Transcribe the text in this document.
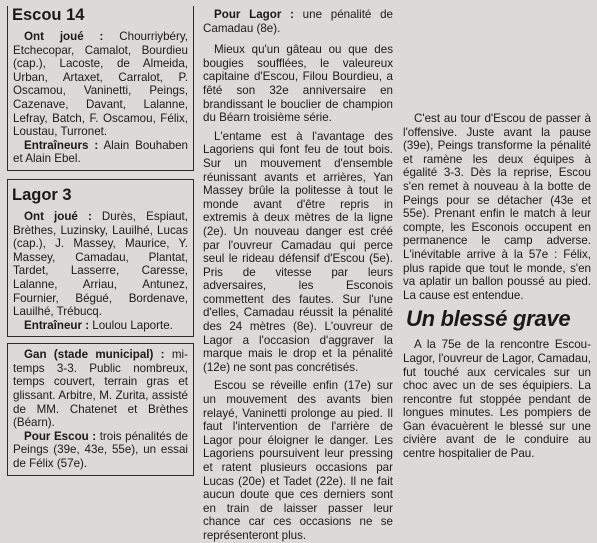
Escou 14

Ont joué : Chourriybéry, Etchecopar, Camalot, Bourdieu (cap.), Lacoste, de Almeida, Urban, Artaxet, Carralot, P. Oscamou, Vaninetti, Peings, Cazenave, Davant, Lalanne, Lefray, Batch, F. Oscamou, Félix, Loustau, Turronet.

Entraîneurs : Alain Bouhaben et Alain Ebel.

Lagor 3

Ont joué : Durès, Espiaut, Brèthes, Luzinsky, Lauilhé, Lucas (cap.), J. Massey, Maurice, Y. Massey, Camadau, Plantat, Tardet, Lasserre, Caresse, Lalanne, Arriau, Antunez, Fournier, Bégué, Bordenave, Lauilhé, Trébucq.

Entraîneur : Loulou Laporte.

Gan (stade municipal) : mi-temps 3-3. Public nombreux, temps couvert, terrain gras et glissant. Arbitre, M. Zurita, assisté de MM. Chatenet et Brèthes (Béarn).

Pour Escou : trois pénalités de Peings (39e, 43e, 55e), un essai de Félix (57e).

Pour Lagor : une pénalité de Camadau (8e).

Mieux qu'un gâteau ou que des bougies soufflées, le valeureux capitaine d'Escou, Filou Bourdieu, a fêté son 32e anniversaire en brandissant le bouclier de champion du Béarn troisième série.

L'entame est à l'avantage des Lagoriens qui font feu de tout bois. Sur un mouvement d'ensemble réunissant avants et arrières, Yan Massey brûle la politesse à tout le monde avant d'être repris in extremis à deux mètres de la ligne (2e). Un nouveau danger est créé par l'ouvreur Camadau qui perce seul le rideau défensif d'Escou (5e). Pris de vitesse par leurs adversaires, les Esconois commettent des fautes. Sur l'une d'elles, Camadau réussit la pénalité des 24 mètres (8e). L'ouvreur de Lagor a l'occasion d'aggraver la marque mais le drop et la pénalité (12e) ne sont pas concrétisés.

Escou se réveille enfin (17e) sur un mouvement des avants bien relayé, Vaninetti prolonge au pied. Il faut l'intervention de l'arrière de Lagor pour éloigner le danger. Les Lagoriens poursuivent leur pressing et ratent plusieurs occasions par Lucas (20e) et Tadet (22e). Il ne fait aucun doute que ces derniers sont en train de laisser passer leur chance car ces occasions ne se représenteront plus.

C'est au tour d'Escou de passer à l'offensive. Juste avant la pause (39e), Peings transforme la pénalité et ramène les deux équipes à égalité 3-3. Dès la reprise, Escou s'en remet à nouveau à la botte de Peings pour se détacher (43e et 55e). Prenant enfin le match à leur compte, les Esconois occupent en permanence le camp adverse. L'inévitable arrive à la 57e : Félix, plus rapide que tout le monde, s'en va aplatir un ballon poussé au pied. La cause est entendue.

Un blessé grave

A la 75e de la rencontre Escou-Lagor, l'ouvreur de Lagor, Camadau, fut touché aux cervicales sur un choc avec un de ses équipiers. La rencontre fut stoppée pendant de longues minutes. Les pompiers de Gan évacuèrent le blessé sur une civière avant de le conduire au centre hospitalier de Pau.
